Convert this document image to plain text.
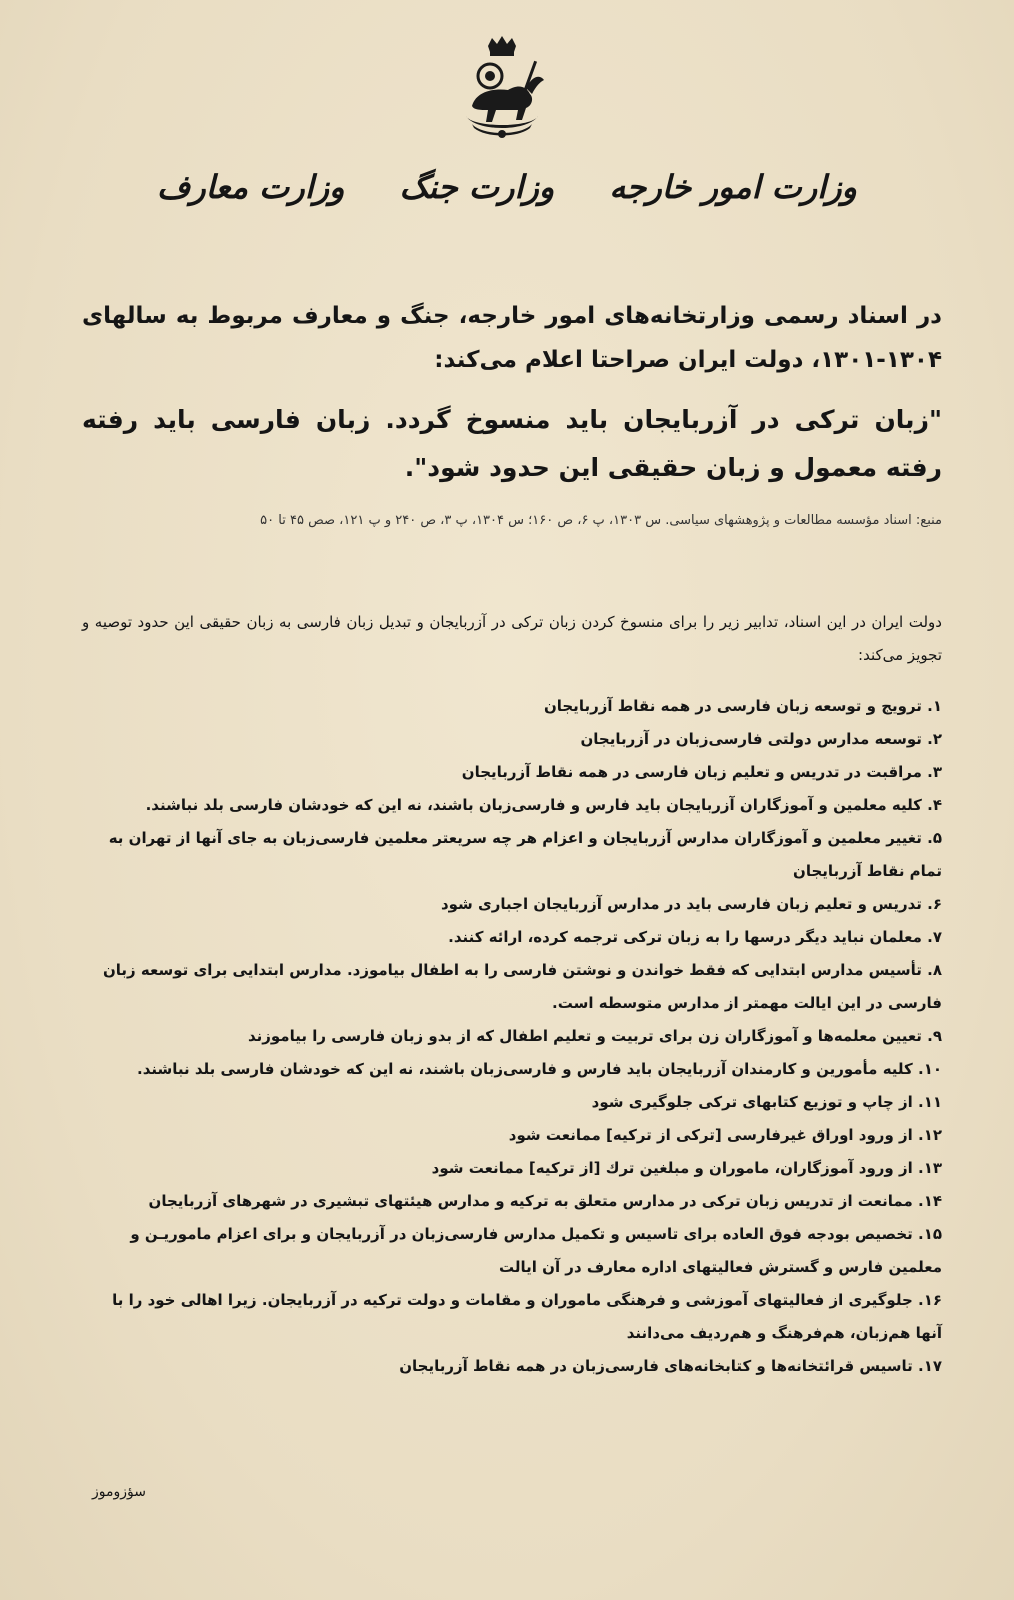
وزارت امور خارجه وزارت جنگ وزارت معارف
در اسناد رسمی وزارتخانه‌های امور خارجه، جنگ و معارف مربوط به سالهای ۱۳۰۴-۱۳۰۱، دولت ایران صراحتا اعلام می‌کند:
"زبان ترکی در آزربایجان باید منسوخ گردد. زبان فارسی باید رفته رفته معمول و زبان حقیقی این حدود شود".
منبع: اسناد مؤسسه مطالعات و پژوهشهای سیاسی. س ۱۳۰۳، پ ۶، ص ۱۶۰؛ س ۱۳۰۴، پ ۳، ص ۲۴۰ و پ ۱۲۱، صص ۴۵ تا ۵۰
دولت ایران در این اسناد، تدابیر زیر را برای منسوخ کردن زبان ترکی در آزربایجان و تبدیل زبان فارسی به زبان حقیقی این حدود توصیه و تجویز می‌کند:
۱. ترویج و توسعه زبان فارسی در همه نقاط آزربایجان
۲. توسعه مدارس دولتی فارسی‌زبان در آزربایجان
۳. مراقبت در تدریس و تعلیم زبان فارسی در همه نقاط آزربایجان
۴. کلیه معلمین و آموزگاران آزربایجان باید فارس و فارسی‌زبان باشند، نه این که خودشان فارسی بلد نباشند.
۵. تغییر معلمین و آموزگاران مدارس آزربایجان و اعزام هر چه سریعتر معلمین فارسی‌زبان به جای آنها از تهران به تمام نقاط آزربایجان
۶. تدریس و تعلیم زبان فارسی باید در مدارس آزربایجان اجباری شود
۷. معلمان نباید دیگر درسها را به زبان ترکی ترجمه کرده، ارائه کنند.
۸. تأسیس مدارس ابتدایی که فقط خواندن و نوشتن فارسی را به اطفال بیاموزد. مدارس ابتدایی برای توسعه زبان فارسی در این ایالت مهمتر از مدارس متوسطه است.
۹. تعیین معلمه‌ها و آموزگاران زن برای تربیت و تعلیم اطفال که از بدو زبان فارسی را بیاموزند
۱۰. کلیه مأمورین و کارمندان آزربایجان باید فارس و فارسی‌زبان باشند، نه این که خودشان فارسی بلد نباشند.
۱۱. از چاپ و توزیع کتابهای ترکی جلوگیری شود
۱۲. از ورود اوراق غیرفارسی [ترکی از ترکیه] ممانعت شود
۱۳. از ورود آموزگاران، ماموران و مبلغین ترك [از ترکیه] ممانعت شود
۱۴. ممانعت از تدریس زبان ترکی در مدارس متعلق به ترکیه و مدارس هیئتهای تبشیری در شهرهای آزربایجان
۱۵. تخصیص بودجه فوق العاده برای تاسیس و تکمیل مدارس فارسی‌زبان در آزربایجان و برای اعزام ماموریـن و معلمین فارس و گسترش فعالیتهای اداره معارف در آن ایالت
۱۶. جلوگیری از فعالیتهای آموزشی و فرهنگی ماموران و مقامات و دولت ترکیه در آزربایجان. زیرا اهالی خود را با آنها هم‌زبان، هم‌فرهنگ و هم‌ردیف می‌دانند
۱۷. تاسیس قرائتخانه‌ها و کتابخانه‌های فارسی‌زبان در همه نقاط آزربایجان
سؤزوموز
